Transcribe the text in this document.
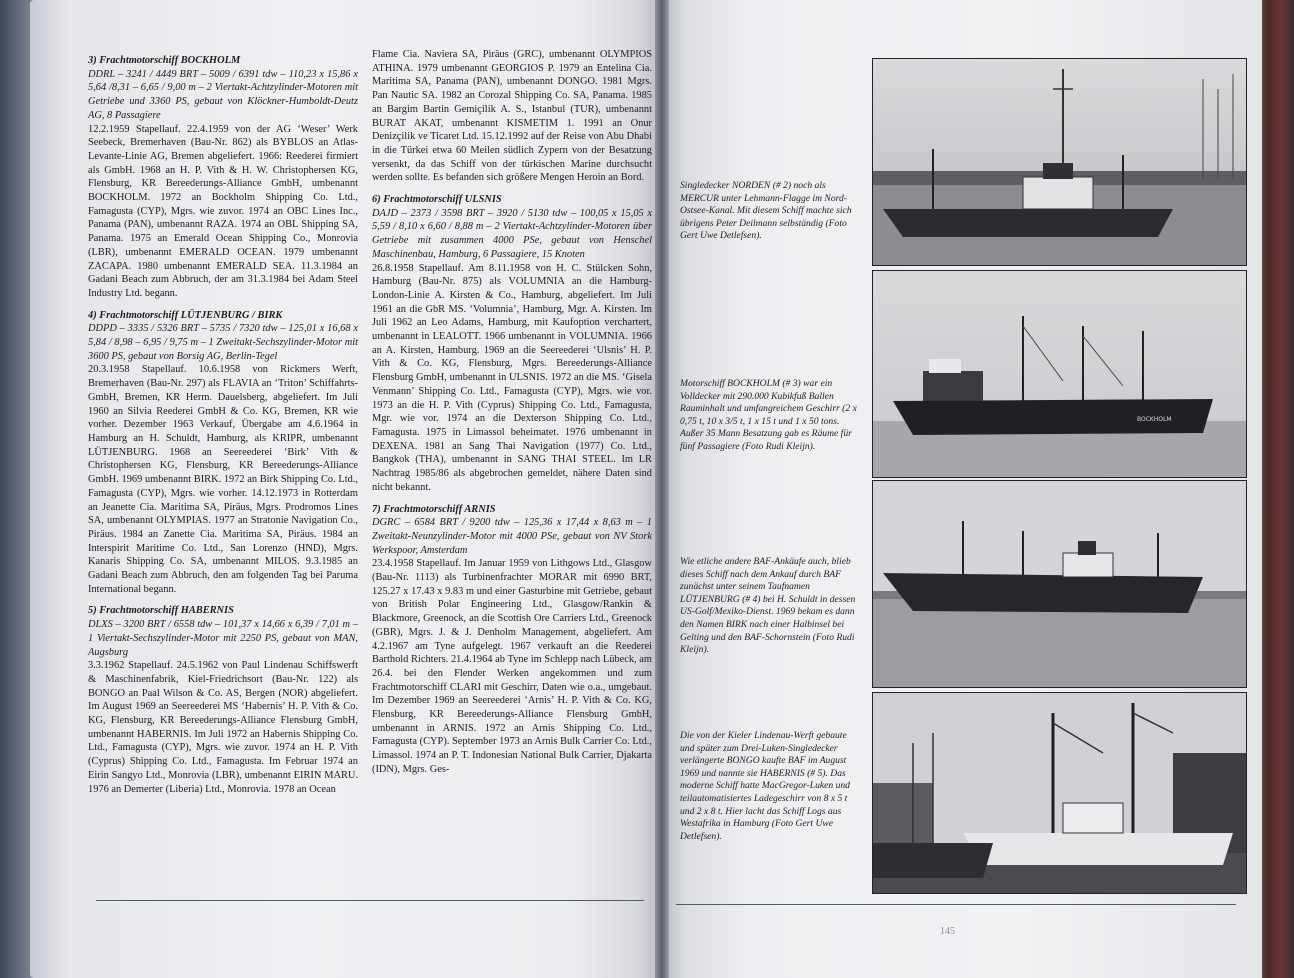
3) Frachtmotorschiff BOCKHOLM

DDRL – 3241 / 4449 BRT – 5009 / 6391 tdw – 110,23 x 15,86 x 5,64 /8,31 – 6,65 / 9,00 m – 2 Viertakt-Achtzylinder-Motoren mit Getriebe und 3360 PS, gebaut von Klöckner-Humboldt-Deutz AG, 8 Passagiere

12.2.1959 Stapellauf. 22.4.1959 von der AG ‘Weser’ Werk Seebeck, Bremerhaven (Bau-Nr. 862) als BYBLOS an Atlas-Levante-Linie AG, Bremen abgeliefert. 1966: Reederei firmiert als GmbH. 1968 an H. P. Vith & H. W. Christophersen KG, Flensburg, KR Bereederungs-Alliance GmbH, umbenannt BOCKHOLM. 1972 an Bockholm Shipping Co. Ltd., Famagusta (CYP), Mgrs. wie zuvor. 1974 an OBC Lines Inc., Panama (PAN), umbenannt RAZA. 1974 an OBL Shipping SA, Panama. 1975 an Emerald Ocean Shipping Co., Monrovia (LBR), umbenannt EMERALD OCEAN. 1979 umbenannt ZACAPA. 1980 umbenannt EMERALD SEA. 11.3.1984 an Gadani Beach zum Abbruch, der am 31.3.1984 bei Adam Steel Industry Ltd. begann.

4) Frachtmotorschiff LÜTJENBURG / BIRK

DDPD – 3335 / 5326 BRT – 5735 / 7320 tdw – 125,01 x 16,68 x 5,84 / 8,98 – 6,95 / 9,75 m – 1 Zweitakt-Sechszylinder-Motor mit 3600 PS, gebaut von Borsig AG, Berlin-Tegel

20.3.1958 Stapellauf. 10.6.1958 von Rickmers Werft, Bremerhaven (Bau-Nr. 297) als FLAVIA an ‘Triton’ Schiffahrts-GmbH, Bremen, KR Herm. Dauelsberg, abgeliefert. Im Juli 1960 an Silvia Reederei GmbH & Co. KG, Bremen, KR wie vorher. Dezember 1963 Verkauf, Übergabe am 4.6.1964 in Hamburg an H. Schuldt, Hamburg, als KRIPR, umbenannt LÜTJENBURG. 1968 an Seereederei ‘Birk’ Vith & Christophersen KG, Flensburg, KR Bereederungs-Alliance GmbH. 1969 umbenannt BIRK. 1972 an Birk Shipping Co. Ltd., Famagusta (CYP), Mgrs. wie vorher. 14.12.1973 in Rotterdam an Jeanette Cia. Maritima SA, Piräus, Mgrs. Prodromos Lines SA, umbenannt OLYMPIAS. 1977 an Stratonie Navigation Co., Piräus. 1984 an Zanette Cia. Maritima SA, Piräus. 1984 an Interspirit Maritime Co. Ltd., San Lorenzo (HND), Mgrs. Kanaris Shipping Co. SA, umbenannt MILOS. 9.3.1985 an Gadani Beach zum Abbruch, den am folgenden Tag bei Paruma International begann.

5) Frachtmotorschiff HABERNIS

DLXS – 3200 BRT / 6558 tdw – 101,37 x 14,66 x 6,39 / 7,01 m – 1 Viertakt-Sechszylinder-Motor mit 2250 PS, gebaut von MAN, Augsburg

3.3.1962 Stapellauf. 24.5.1962 von Paul Lindenau Schiffswerft & Maschinenfabrik, Kiel-Friedrichsort (Bau-Nr. 122) als BONGO an Paal Wilson & Co. AS, Bergen (NOR) abgeliefert. Im August 1969 an Seereederei MS ‘Habernis’ H. P. Vith & Co. KG, Flensburg, KR Bereederungs-Alliance Flensburg GmbH, umbenannt HABERNIS. Im Juli 1972 an Habernis Shipping Co. Ltd., Famagusta (CYP), Mgrs. wie zuvor. 1974 an H. P. Vith (Cyprus) Shipping Co. Ltd., Famagusta. Im Februar 1974 an Eirin Sangyo Ltd., Monrovia (LBR), umbenannt EIRIN MARU. 1976 an Demerter (Liberia) Ltd., Monrovia. 1978 an Ocean

Flame Cia. Naviera SA, Piräus (GRC), umbenannt OLYMPIOS ATHINA. 1979 umbenannt GEORGIOS P. 1979 an Entelina Cia. Maritima SA, Panama (PAN), umbenannt DONGO. 1981 Mgrs. Pan Nautic SA. 1982 an Corozal Shipping Co. SA, Panama. 1985 an Bargim Bartin Gemiçilik A. S., Istanbul (TUR), umbenannt BURAT AKAT, umbenannt KISMETIM 1. 1991 an Onur Denizçilik ve Ticaret Ltd. 15.12.1992 auf der Reise von Abu Dhabi in die Türkei etwa 60 Meilen südlich Zypern von der Besatzung versenkt, da das Schiff von der türkischen Marine durchsucht werden sollte. Es befanden sich größere Mengen Heroin an Bord.

6) Frachtmotorschiff ULSNIS

DAJD – 2373 / 3598 BRT – 3920 / 5130 tdw – 100,05 x 15,05 x 5,59 / 8,10 x 6,60 / 8,88 m – 2 Viertakt-Achtzylinder-Motoren über Getriebe mit zusammen 4000 PSe, gebaut von Henschel Maschinenbau, Hamburg, 6 Passagiere, 15 Knoten

26.8.1958 Stapellauf. Am 8.11.1958 von H. C. Stülcken Sohn, Hamburg (Bau-Nr. 875) als VOLUMNIA an die Hamburg-London-Linie A. Kirsten & Co., Hamburg, abgeliefert. Im Juli 1961 an die GbR MS. ‘Volumnia’, Hamburg, Mgr. A. Kirsten. Im Juli 1962 an Leo Adams, Hamburg, mit Kaufoption verchartert, umbenannt in LEALOTT. 1966 umbenannt in VOLUMNIA. 1966 an A. Kirsten, Hamburg. 1969 an die Seereederei ‘Ulsnis’ H. P. Vith & Co. KG, Flensburg, Mgrs. Bereederungs-Alliance Flensburg GmbH, umbenannt in ULSNIS. 1972 an die MS. ‘Gisela Venmann’ Shipping Co. Ltd., Famagusta (CYP), Mgrs. wie vor. 1973 an die H. P. Vith (Cyprus) Shipping Co. Ltd., Famagusta, Mgr. wie vor. 1974 an die Dexterson Shipping Co. Ltd., Famagusta. 1975 in Limassol beheimatet. 1976 umbenannt in DEXENA. 1981 an Sang Thai Navigation (1977) Co. Ltd., Bangkok (THA), umbenannt in SANG THAI STEEL. Im LR Nachtrag 1985/86 als abgebrochen gemeldet, nähere Daten sind nicht bekannt.

7) Frachtmotorschiff ARNIS

DGRC – 6584 BRT / 9200 tdw – 125,36 x 17,44 x 8,63 m – 1 Zweitakt-Neunzylinder-Motor mit 4000 PSe, gebaut von NV Stork Werkspoor, Amsterdam

23.4.1958 Stapellauf. Im Januar 1959 von Lithgows Ltd., Glasgow (Bau-Nr. 1113) als Turbinenfrachter MORAR mit 6990 BRT, 125.27 x 17.43 x 9.83 m und einer Gasturbine mit Getriebe, gebaut von British Polar Engineering Ltd., Glasgow/Rankin & Blackmore, Greenock, an die Scottish Ore Carriers Ltd., Greenock (GBR), Mgrs. J. & J. Denholm Management, abgeliefert. Am 4.2.1967 am Tyne aufgelegt. 1967 verkauft an die Reederei Barthold Richters. 21.4.1964 ab Tyne im Schlepp nach Lübeck, am 26.4. bei den Flender Werken angekommen und zum Frachtmotorschiff CLARI mit Geschirr, Daten wie o.a., umgebaut. Im Dezember 1969 an Seereederei ‘Arnis’ H. P. Vith & Co. KG, Flensburg, KR Bereederungs-Alliance Flensburg GmbH, umbenannt in ARNIS. 1972 an Arnis Shipping Co. Ltd., Famagusta (CYP). September 1973 an Arnis Bulk Carrier Co. Ltd., Limassol. 1974 an P. T. Indonesian National Bulk Carrier, Djakarta (IDN), Mgrs. Ges-

145
Singledecker NORDEN (# 2) noch als MERCUR unter Lehmann-Flagge im Nord-Ostsee-Kanal. Mit diesem Schiff machte sich übrigens Peter Deilmann selbständig (Foto Gert Uwe Detlefsen).
Motorschiff BOCKHOLM (# 3) war ein Volldecker mit 290.000 Kubikfuß Ballen Rauminhalt und umfangreichem Geschirr (2 x 0,75 t, 10 x 3/5 t, 1 x 15 t und 1 x 50 tons. Außer 35 Mann Besatzung gab es Räume für fünf Passagiere (Foto Rudi Kleijn).
Wie etliche andere BAF-Ankäufe auch, blieb dieses Schiff nach dem Ankauf durch BAF zunächst unter seinem Taufnamen LÜTJENBURG (# 4) bei H. Schuldt in dessen US-Golf/Mexiko-Dienst. 1969 bekam es dann den Namen BIRK nach einer Halbinsel bei Gelting und den BAF-Schornstein (Foto Rudi Kleijn).
Die von der Kieler Lindenau-Werft gebaute und später zum Drei-Luken-Singledecker verlängerte BONGO kaufte BAF im August 1969 und nannte sie HABERNIS (# 5). Das moderne Schiff hatte MacGregor-Luken und teilautomatisiertes Ladegeschirr von 8 x 5 t und 2 x 8 t. Hier lacht das Schiff Logs aus Westafrika in Hamburg (Foto Gert Uwe Detlefsen).
BOCKHOLM
